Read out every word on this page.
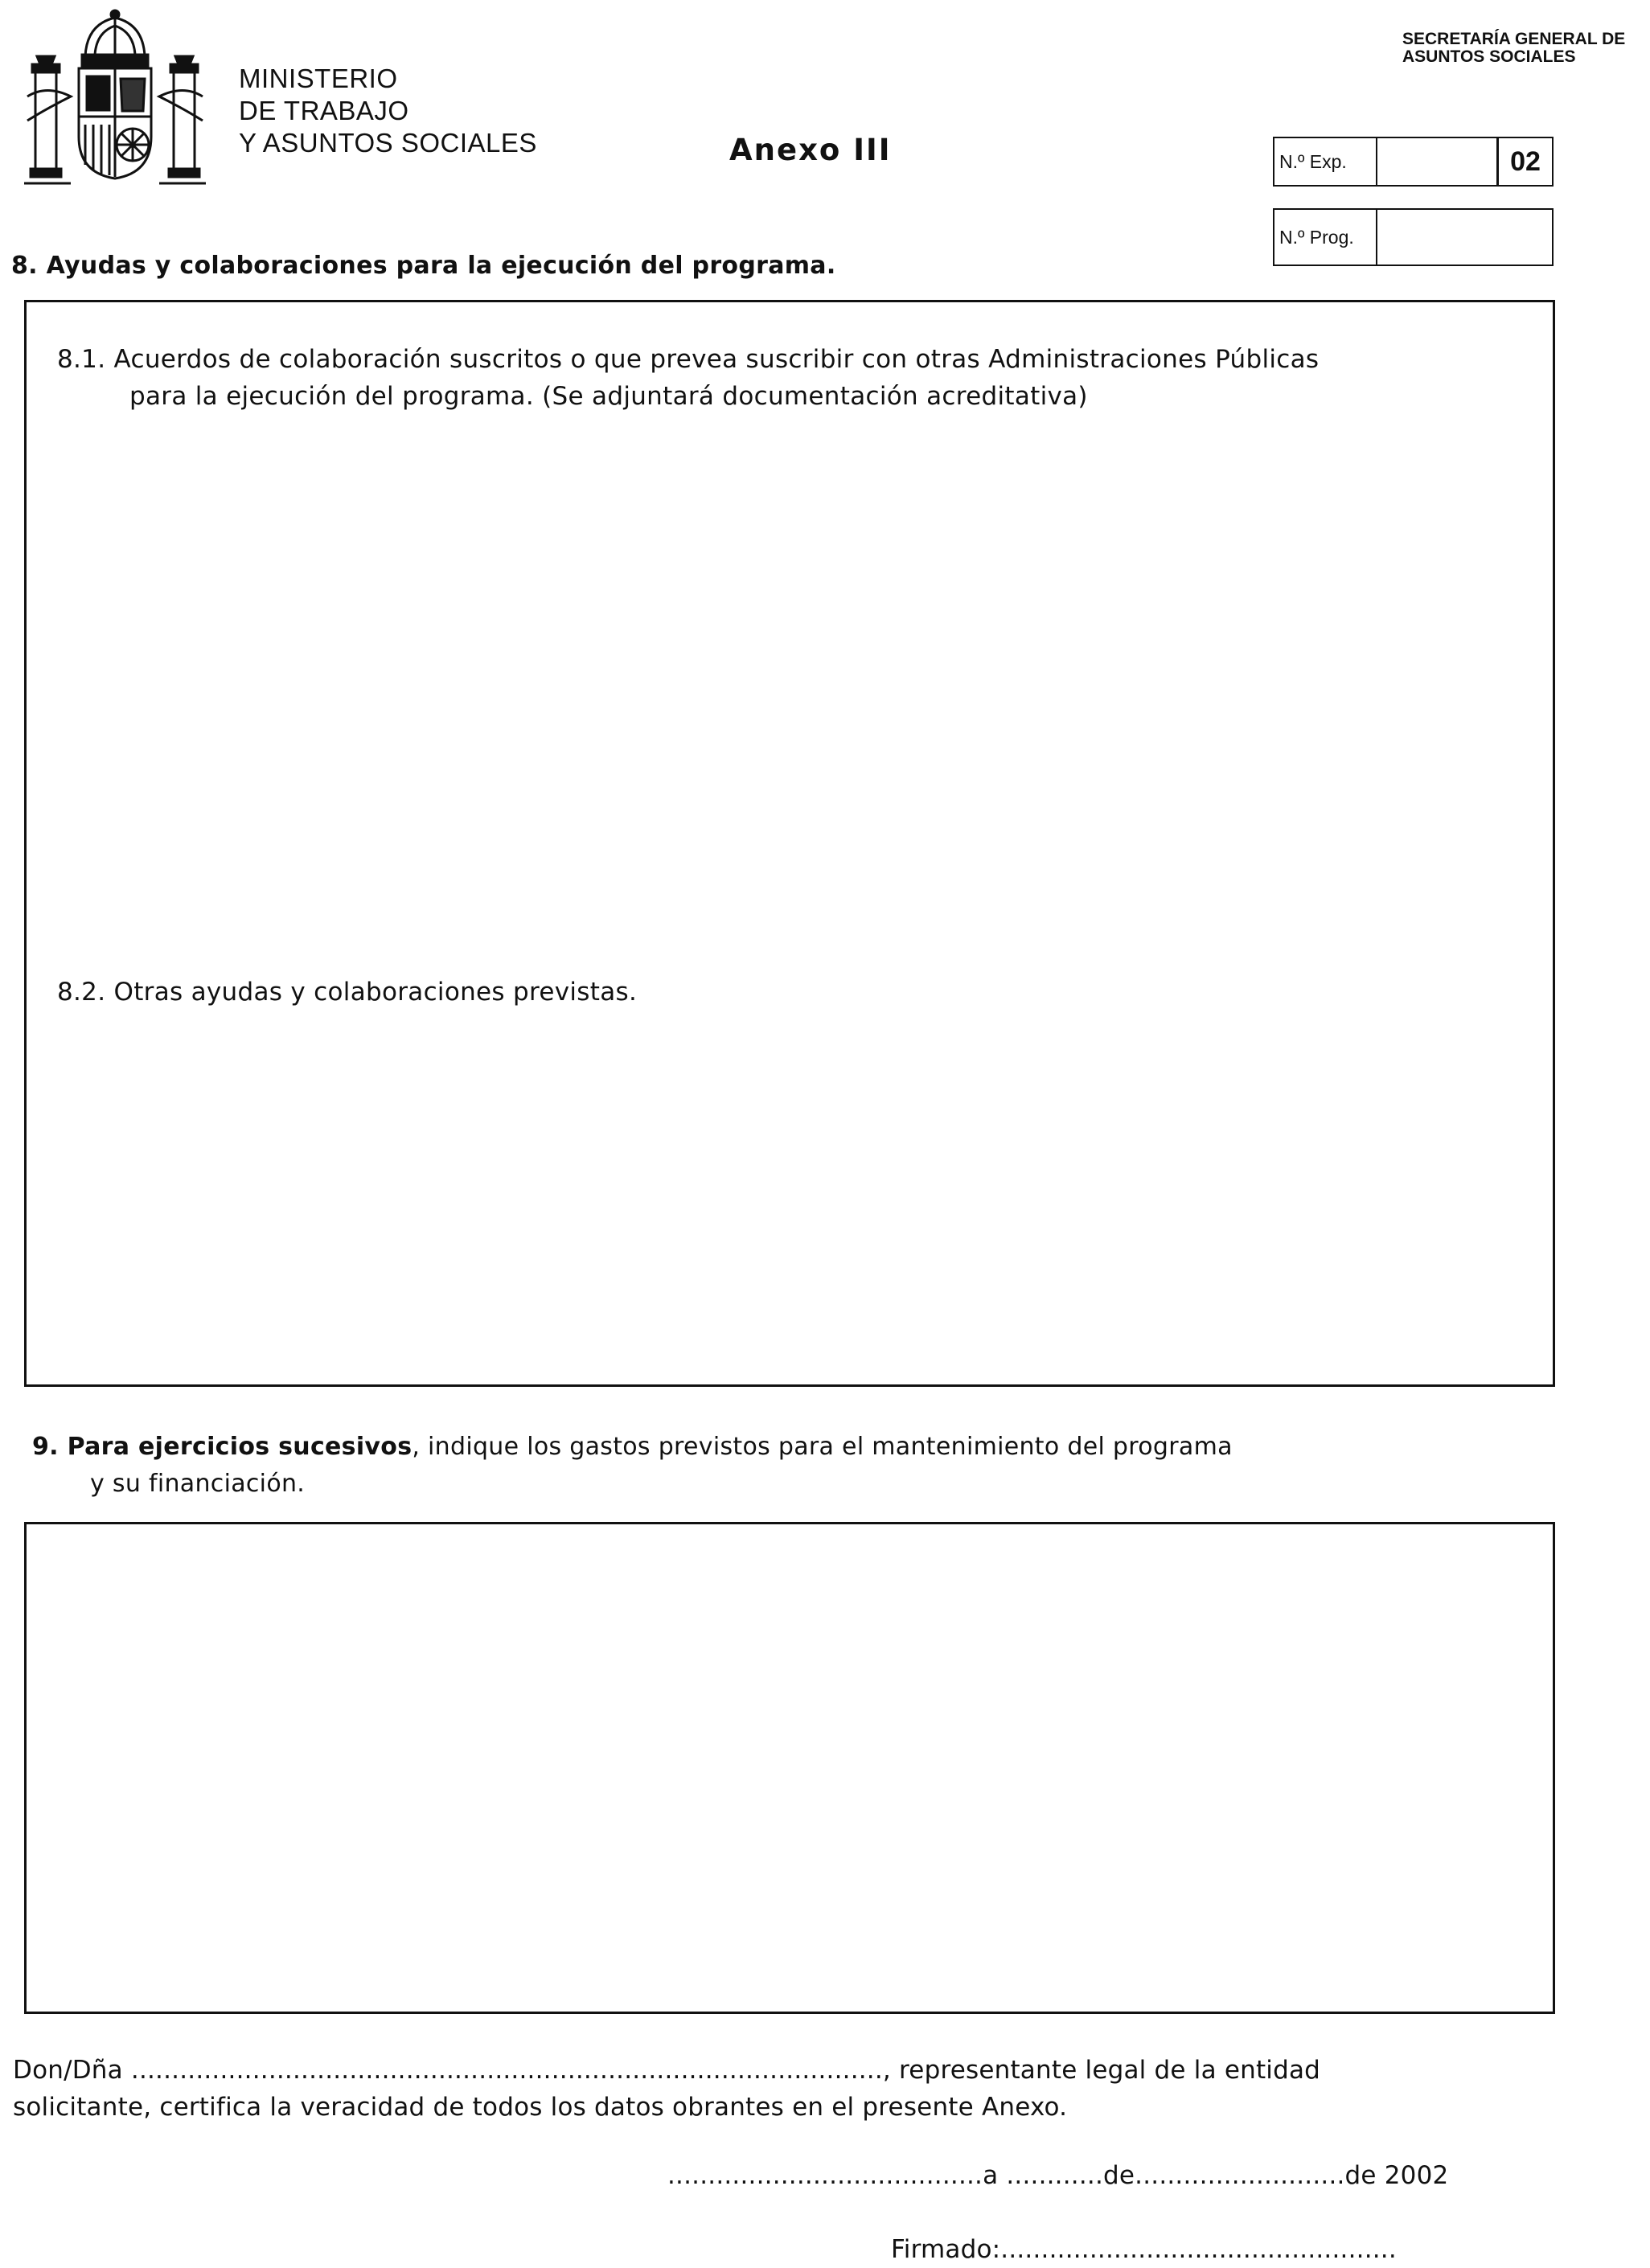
MINISTERIO
DE TRABAJO
Y ASUNTOS SOCIALES	Anexo III
SECRETARÍA GENERAL DE
ASUNTOS SOCIALES
N.º Exp.	02
N.º Prog.
8. Ayudas y colaboraciones para la ejecución del programa.
8.1. Acuerdos de colaboración suscritos o que prevea suscribir con otras Administraciones Públicas
para la ejecución del programa. (Se adjuntará documentación acreditativa)
8.2. Otras ayudas y colaboraciones previstas.
9. Para ejercicios sucesivos, indique los gastos previstos para el mantenimiento del programa
y su financiación.
Don/Dña ............................................................................................., representante legal de la entidad
solicitante, certifica la veracidad de todos los datos obrantes en el presente Anexo.
.......................................a ............de..........................de 2002
Firmado:.................................................
